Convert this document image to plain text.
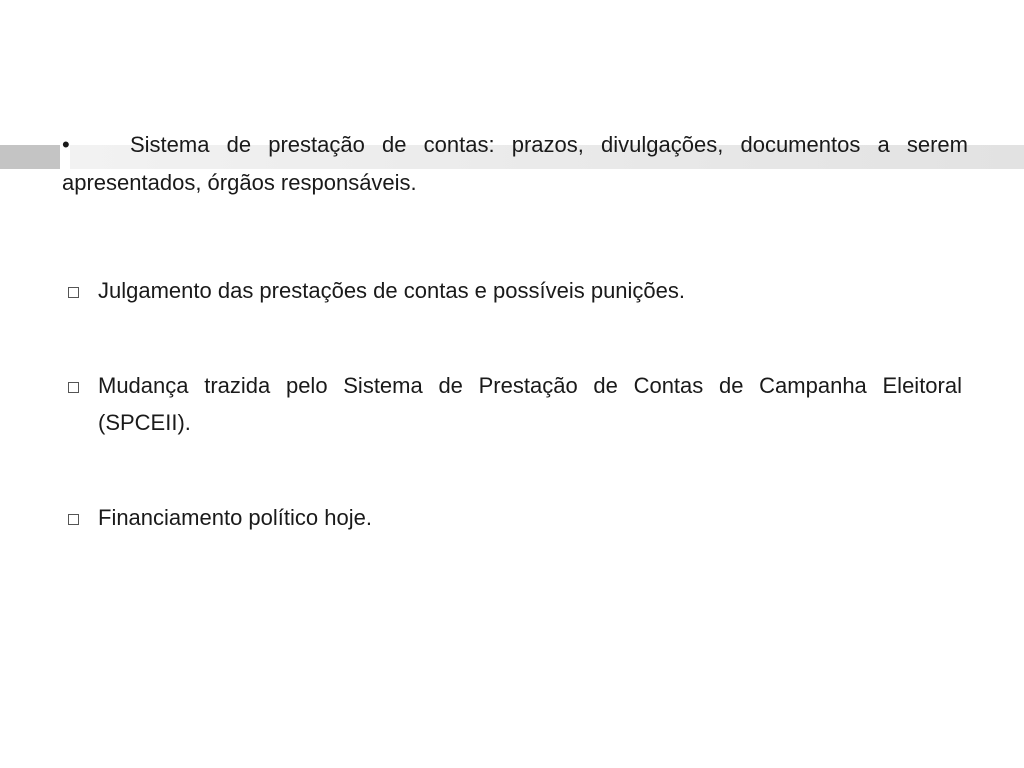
•	Sistema de prestação de contas: prazos, divulgações, documentos a serem apresentados, órgãos responsáveis.
Julgamento das prestações de contas e possíveis punições.
Mudança trazida pelo Sistema de Prestação de Contas de Campanha Eleitoral (SPCEII).
Financiamento político hoje.
